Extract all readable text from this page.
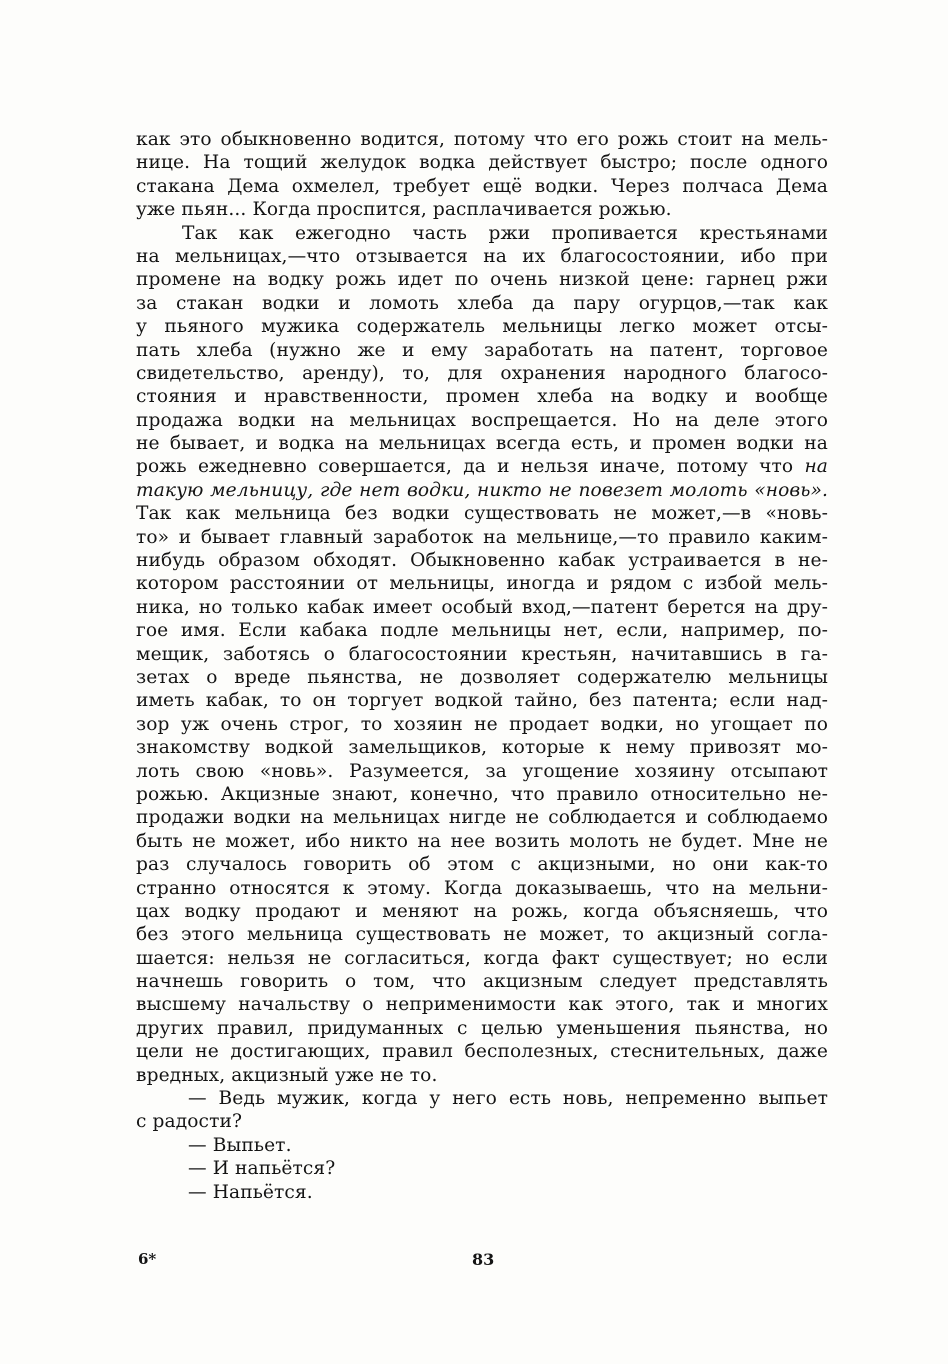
как это обыкновенно водится, потому что его рожь стоит на мель-
нице. На тощий желудок водка действует быстро; после одного
стакана Дема охмелел, требует ещё водки. Через полчаса Дема
уже пьян... Когда проспится, расплачивается рожью.
Так как ежегодно часть ржи пропивается крестьянами
на мельницах,—что отзывается на их благосостоянии, ибо при
промене на водку рожь идет по очень низкой цене: гарнец ржи
за стакан водки и ломоть хлеба да пару огурцов,—так как
у пьяного мужика содержатель мельницы легко может отсы-
пать хлеба (нужно же и ему заработать на патент, торговое
свидетельство, аренду), то, для охранения народного благосо-
стояния и нравственности, промен хлеба на водку и вообще
продажа водки на мельницах воспрещается. Но на деле этого
не бывает, и водка на мельницах всегда есть, и промен водки на
рожь ежедневно совершается, да и нельзя иначе, потому что на
такую мельницу, где нет водки, никто не повезет молоть «новь».
Так как мельница без водки существовать не может,—в «новь-
то» и бывает главный заработок на мельнице,—то правило каким-
нибудь образом обходят. Обыкновенно кабак устраивается в не-
котором расстоянии от мельницы, иногда и рядом с избой мель-
ника, но только кабак имеет особый вход,—патент берется на дру-
гое имя. Если кабака подле мельницы нет, если, например, по-
мещик, заботясь о благосостоянии крестьян, начитавшись в га-
зетах о вреде пьянства, не дозволяет содержателю мельницы
иметь кабак, то он торгует водкой тайно, без патента; если над-
зор уж очень строг, то хозяин не продает водки, но угощает по
знакомству водкой замельщиков, которые к нему привозят мо-
лоть свою «новь». Разумеется, за угощение хозяину отсыпают
рожью. Акцизные знают, конечно, что правило относительно не-
продажи водки на мельницах нигде не соблюдается и соблюдаемо
быть не может, ибо никто на нее возить молоть не будет. Мне не
раз случалось говорить об этом с акцизными, но они как-то
странно относятся к этому. Когда доказываешь, что на мельни-
цах водку продают и меняют на рожь, когда объясняешь, что
без этого мельница существовать не может, то акцизный согла-
шается: нельзя не согласиться, когда факт существует; но если
начнешь говорить о том, что акцизным следует представлять
высшему начальству о неприменимости как этого, так и многих
других правил, придуманных с целью уменьшения пьянства, но
цели не достигающих, правил бесполезных, стеснительных, даже
вредных, акцизный уже не то.
— Ведь мужик, когда у него есть новь, непременно выпьет
с радости?
— Выпьет.
— И напьётся?
— Напьётся.
6*	83
